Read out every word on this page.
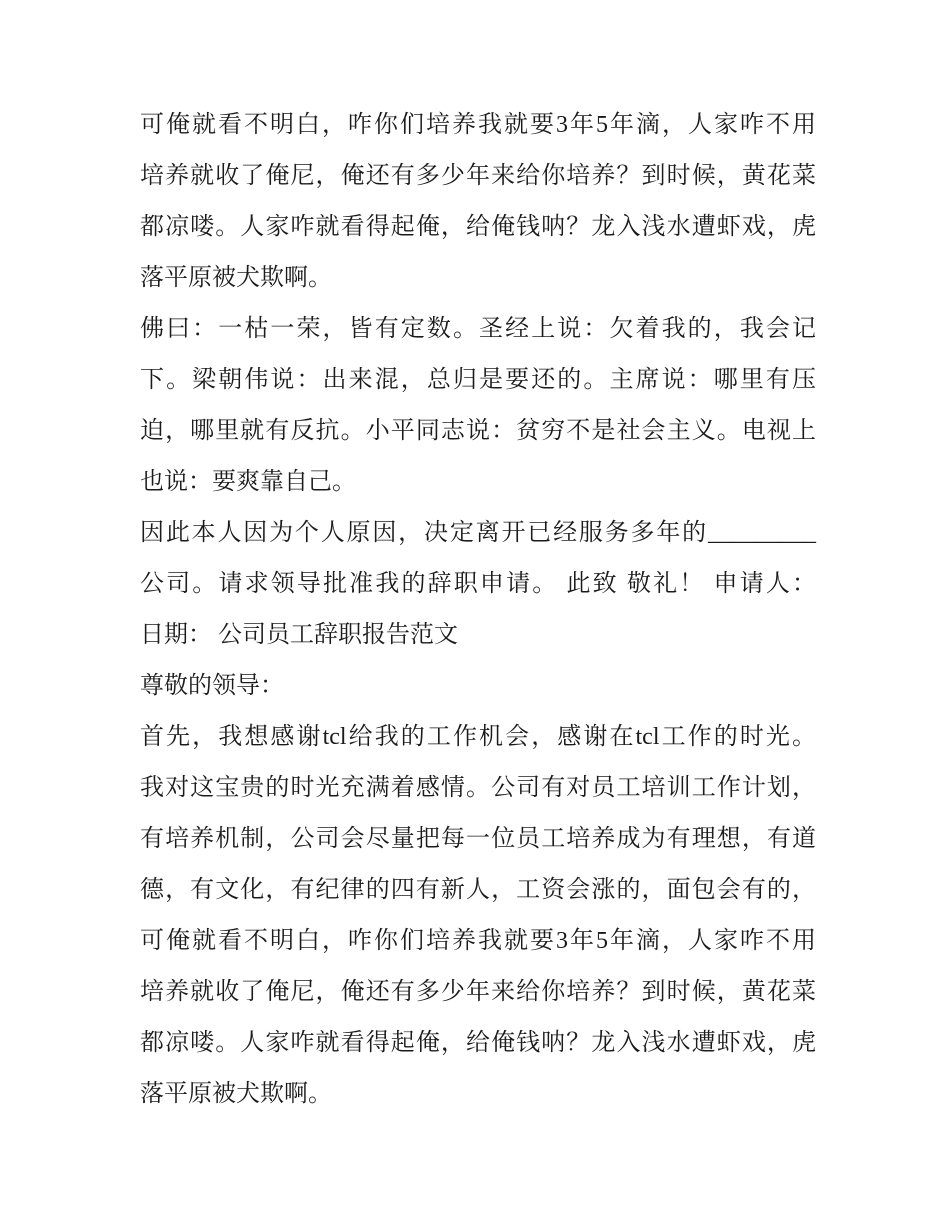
可俺就看不明白，咋你们培养我就要3年5年滴，人家咋不用
培养就收了俺尼，俺还有多少年来给你培养？到时候，黄花菜
都凉喽。人家咋就看得起俺，给俺钱呐？龙入浅水遭虾戏，虎
落平原被犬欺啊。
佛曰：一枯一荣，皆有定数。圣经上说：欠着我的，我会记
下。梁朝伟说：出来混，总归是要还的。主席说：哪里有压
迫，哪里就有反抗。小平同志说：贫穷不是社会主义。电视上
也说：要爽靠自己。
因此本人因为个人原因，决定离开已经服务多年的_________
公司。请求领导批准我的辞职申请。 此致 敬礼！ 申请人：
日期： 公司员工辞职报告范文
尊敬的领导：
首先，我想感谢tcl给我的工作机会，感谢在tcl工作的时光。
我对这宝贵的时光充满着感情。公司有对员工培训工作计划，
有培养机制，公司会尽量把每一位员工培养成为有理想，有道
德，有文化，有纪律的四有新人，工资会涨的，面包会有的，
可俺就看不明白，咋你们培养我就要3年5年滴，人家咋不用
培养就收了俺尼，俺还有多少年来给你培养？到时候，黄花菜
都凉喽。人家咋就看得起俺，给俺钱呐？龙入浅水遭虾戏，虎
落平原被犬欺啊。
